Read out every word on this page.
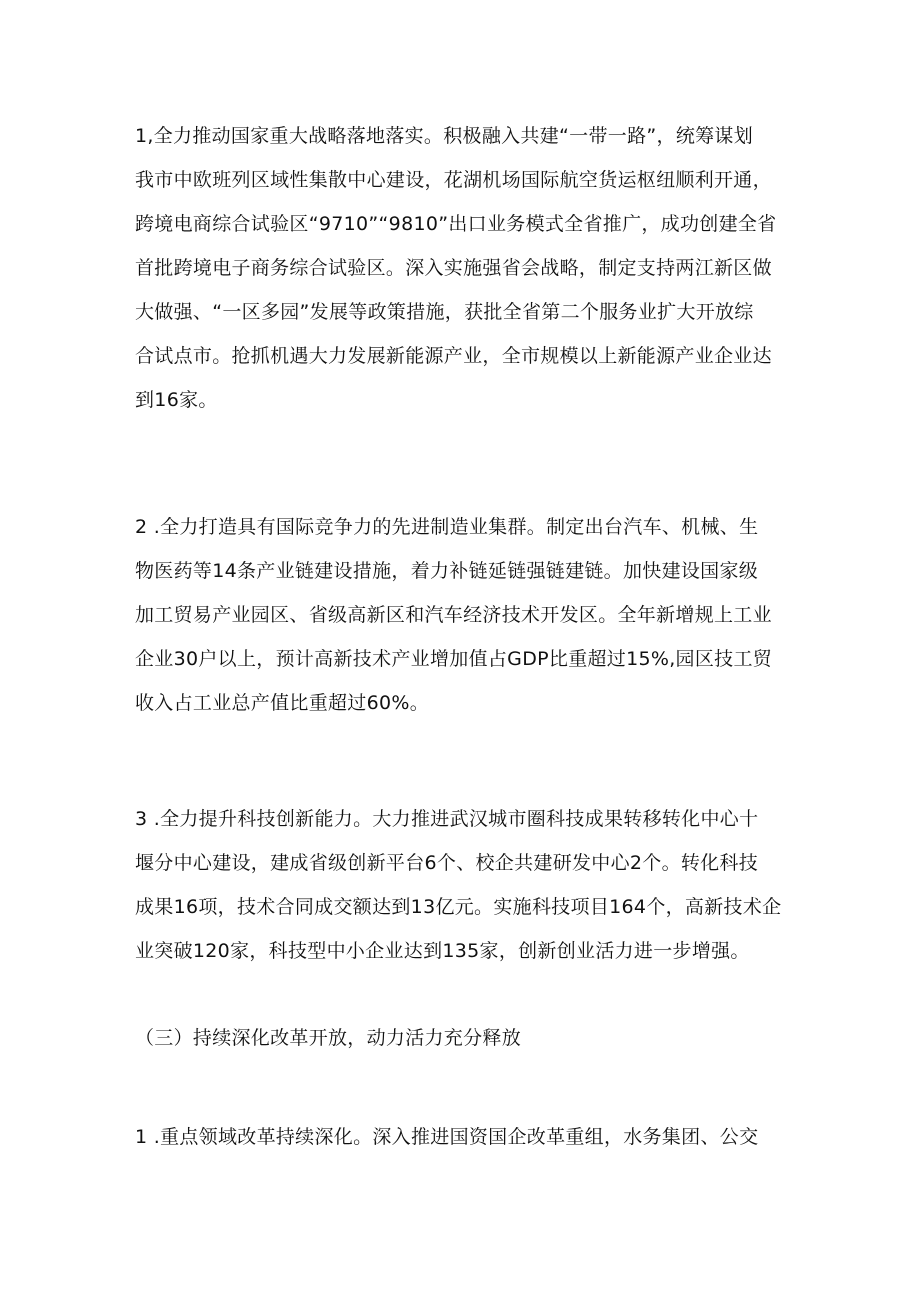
1,全力推动国家重大战略落地落实。积极融入共建“一带一路”，统筹谋划
我市中欧班列区域性集散中心建设，花湖机场国际航空货运枢纽顺利开通，
跨境电商综合试验区“9710”“9810”出口业务模式全省推广，成功创建全省
首批跨境电子商务综合试验区。深入实施强省会战略，制定支持两江新区做
大做强、“一区多园”发展等政策措施，获批全省第二个服务业扩大开放综
合试点市。抢抓机遇大力发展新能源产业，全市规模以上新能源产业企业达
到16家。

2 .全力打造具有国际竞争力的先进制造业集群。制定出台汽车、机械、生
物医药等14条产业链建设措施，着力补链延链强链建链。加快建设国家级
加工贸易产业园区、省级高新区和汽车经济技术开发区。全年新增规上工业
企业30户以上，预计高新技术产业增加值占GDP比重超过15%,园区技工贸
收入占工业总产值比重超过60%。

3 .全力提升科技创新能力。大力推进武汉城市圈科技成果转移转化中心十
堰分中心建设，建成省级创新平台6个、校企共建研发中心2个。转化科技
成果16项，技术合同成交额达到13亿元。实施科技项目164个，高新技术企
业突破120家，科技型中小企业达到135家，创新创业活力进一步增强。

（三）持续深化改革开放，动力活力充分释放

1 .重点领域改革持续深化。深入推进国资国企改革重组，水务集团、公交
